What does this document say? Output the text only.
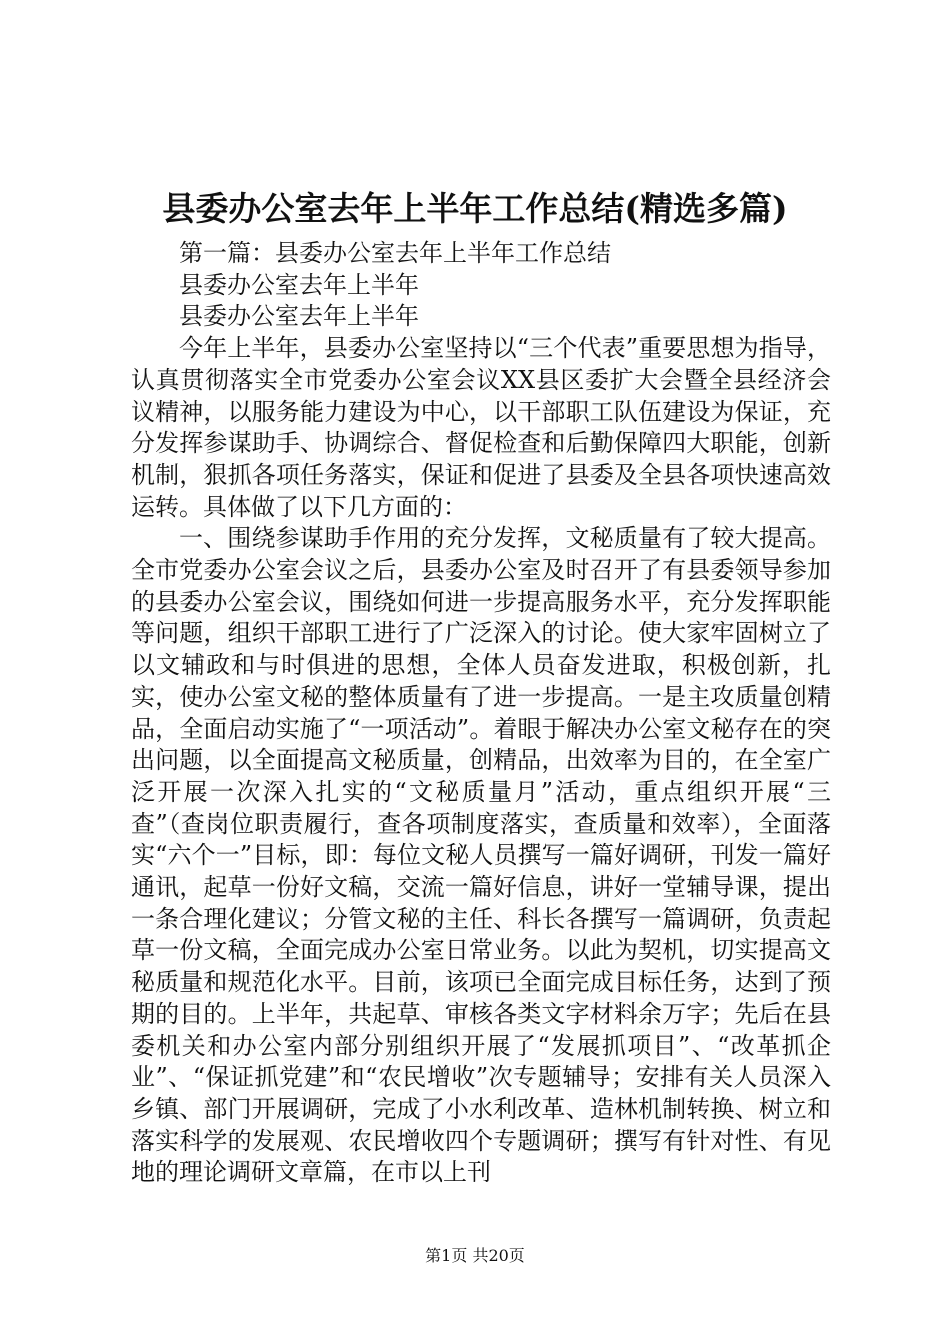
县委办公室去年上半年工作总结(精选多篇)

第一篇：县委办公室去年上半年工作总结

县委办公室去年上半年

县委办公室去年上半年

今年上半年，县委办公室坚持以“三个代表”重要思想为指导，认真贯彻落实全市党委办公室会议XX县区委扩大会暨全县经济会议精神，以服务能力建设为中心，以干部职工队伍建设为保证，充分发挥参谋助手、协调综合、督促检查和后勤保障四大职能，创新机制，狠抓各项任务落实，保证和促进了县委及全县各项快速高效运转。具体做了以下几方面的：

一、围绕参谋助手作用的充分发挥，文秘质量有了较大提高。全市党委办公室会议之后，县委办公室及时召开了有县委领导参加的县委办公室会议，围绕如何进一步提高服务水平，充分发挥职能等问题，组织干部职工进行了广泛深入的讨论。使大家牢固树立了以文辅政和与时俱进的思想，全体人员奋发进取，积极创新，扎实，使办公室文秘的整体质量有了进一步提高。一是主攻质量创精品，全面启动实施了“一项活动”。着眼于解决办公室文秘存在的突出问题，以全面提高文秘质量，创精品，出效率为目的，在全室广泛开展一次深入扎实的“文秘质量月”活动，重点组织开展“三查”（查岗位职责履行，查各项制度落实，查质量和效率），全面落实“六个一”目标，即：每位文秘人员撰写一篇好调研，刊发一篇好通讯，起草一份好文稿，交流一篇好信息，讲好一堂辅导课，提出一条合理化建议；分管文秘的主任、科长各撰写一篇调研，负责起草一份文稿，全面完成办公室日常业务。以此为契机，切实提高文秘质量和规范化水平。目前，该项已全面完成目标任务，达到了预期的目的。上半年，共起草、审核各类文字材料余万字；先后在县委机关和办公室内部分别组织开展了“发展抓项目”、“改革抓企业”、“保证抓党建”和“农民增收”次专题辅导；安排有关人员深入乡镇、部门开展调研，完成了小水利改革、造林机制转换、树立和落实科学的发展观、农民增收四个专题调研；撰写有针对性、有见地的理论调研文章篇，在市以上刊

第1页 共20页
